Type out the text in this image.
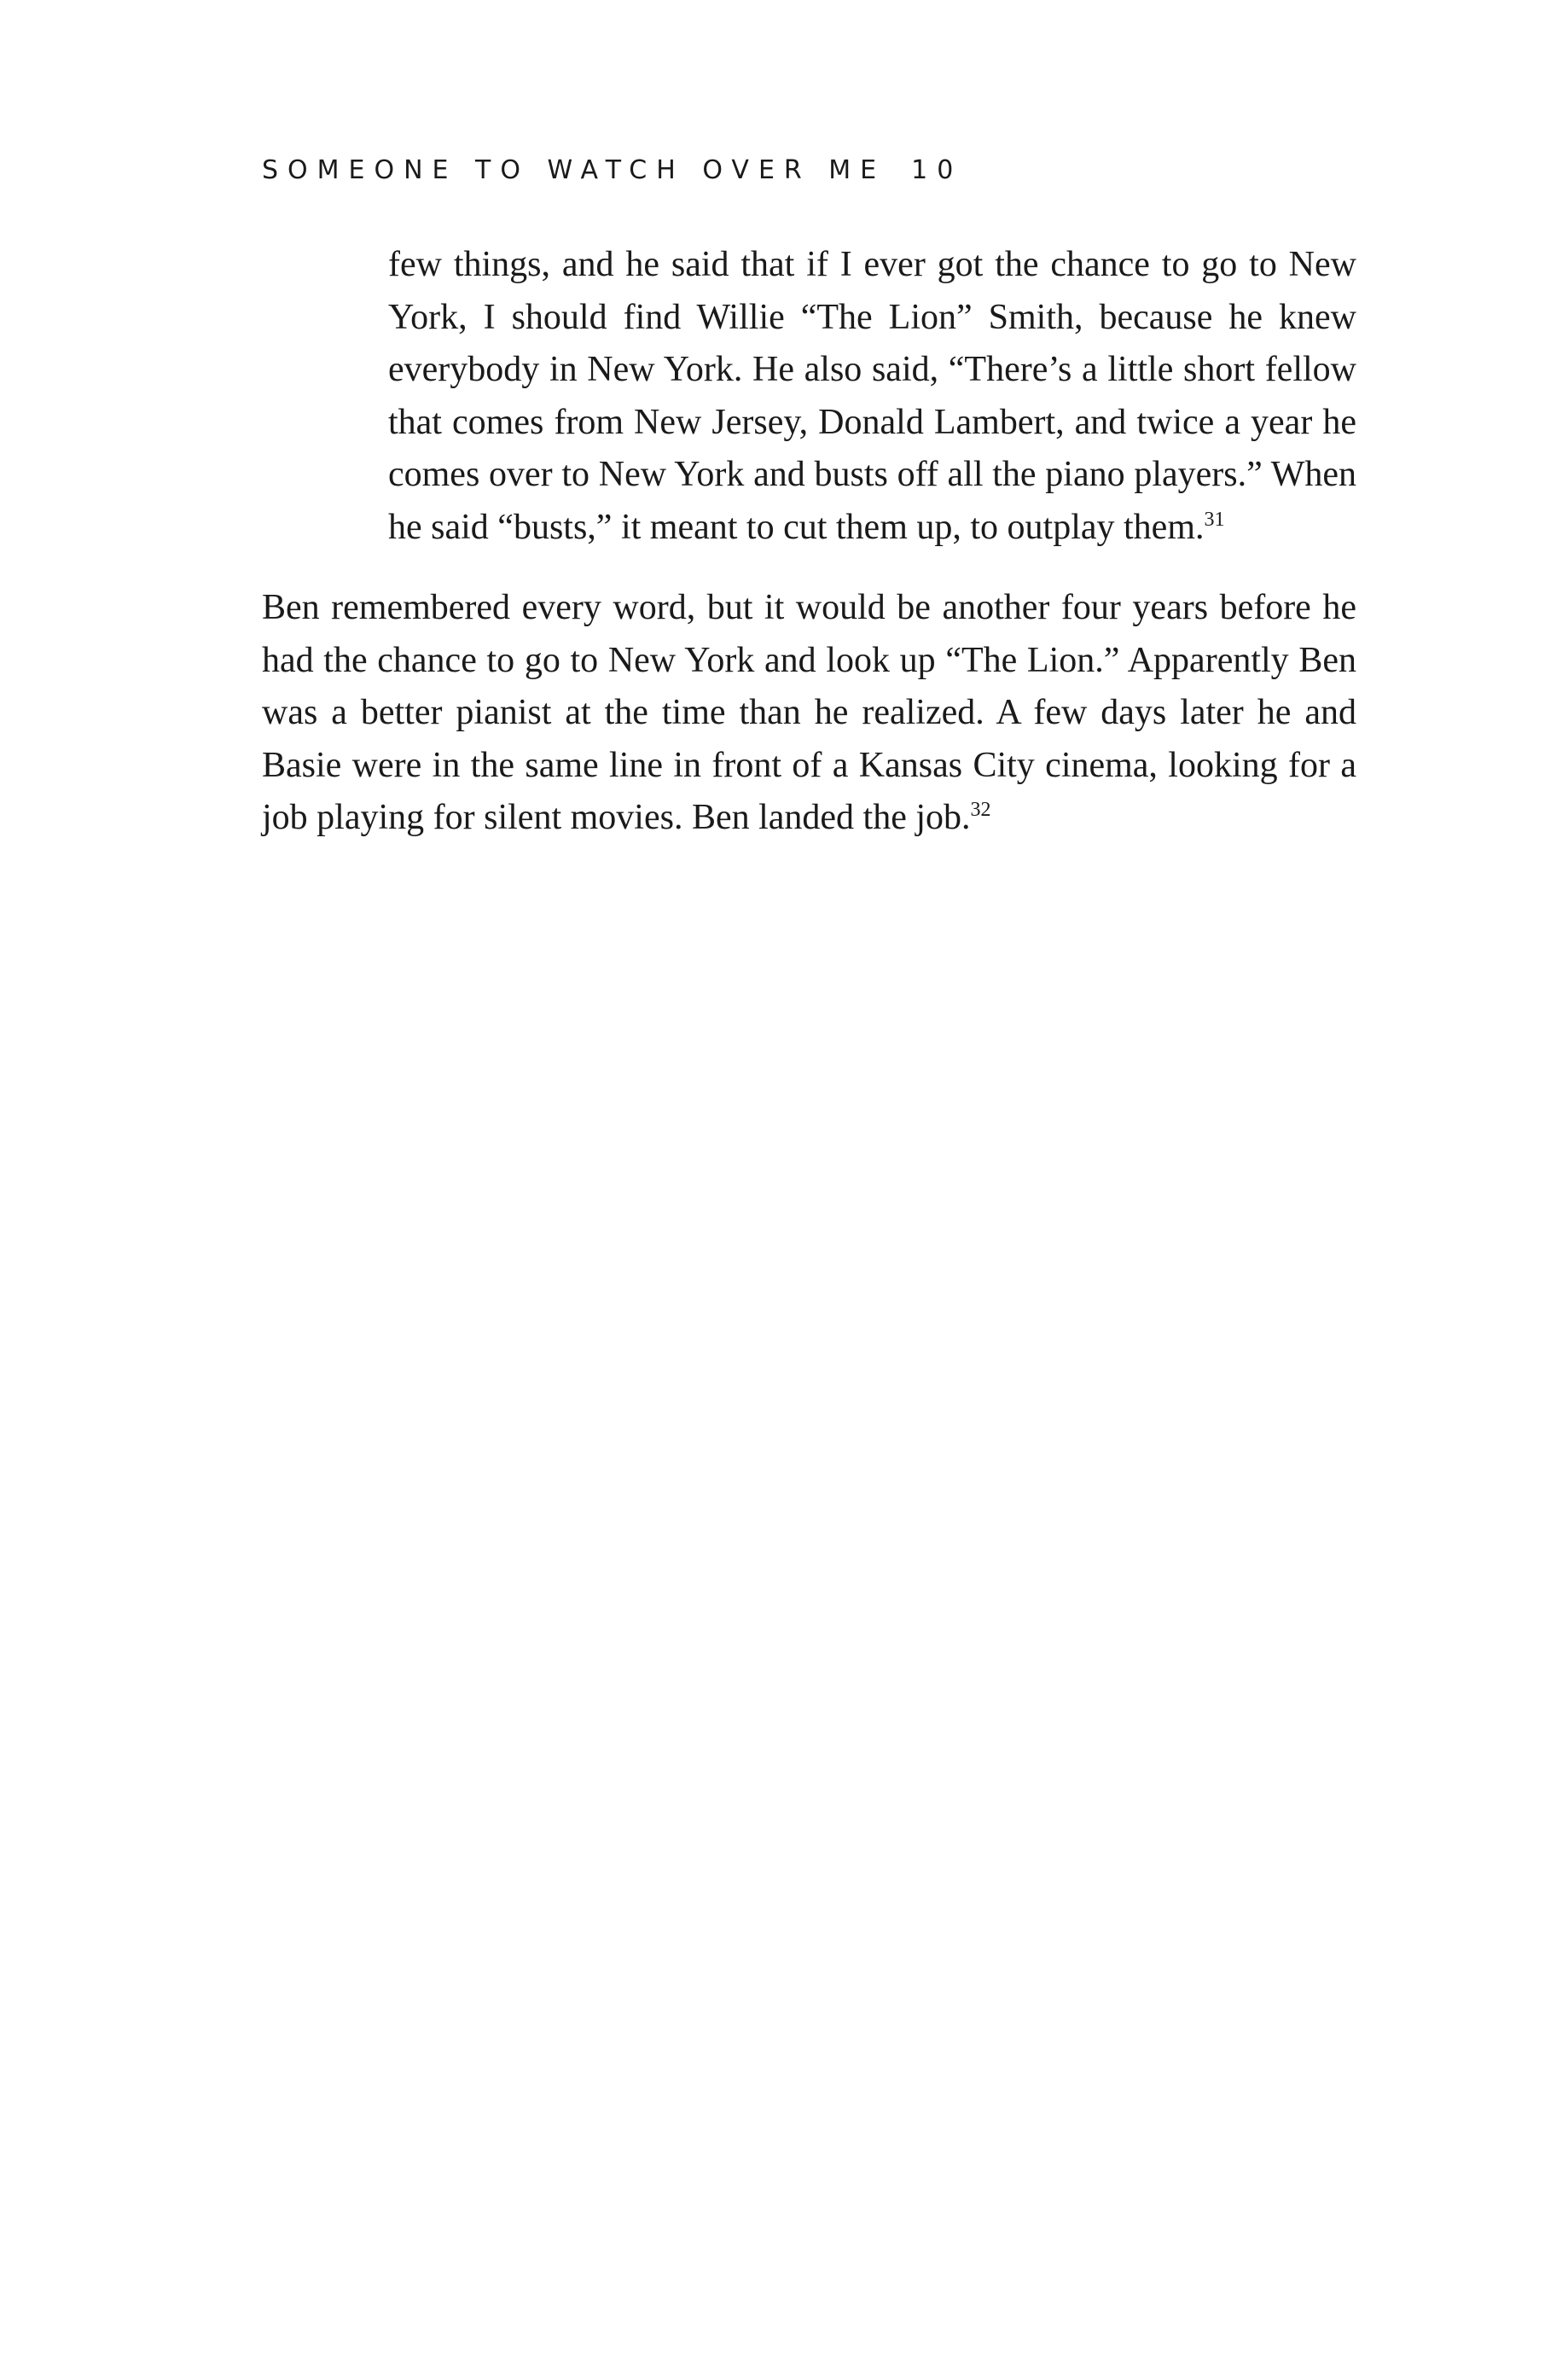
SOMEONE TO WATCH OVER ME 10

few things, and he said that if I ever got the chance to go to New York, I should find Willie “The Lion” Smith, because he knew everybody in New York. He also said, “There’s a little short fellow that comes from New Jersey, Donald Lambert, and twice a year he comes over to New York and busts off all the piano players.” When he said “busts,” it meant to cut them up, to outplay them.$^{31}$

Ben remembered every word, but it would be another four years before he had the chance to go to New York and look up “The Lion.” Apparently Ben was a better pianist at the time than he realized. A few days later he and Basie were in the same line in front of a Kansas City cinema, looking for a job playing for silent movies. Ben landed the job.$^{32}$
